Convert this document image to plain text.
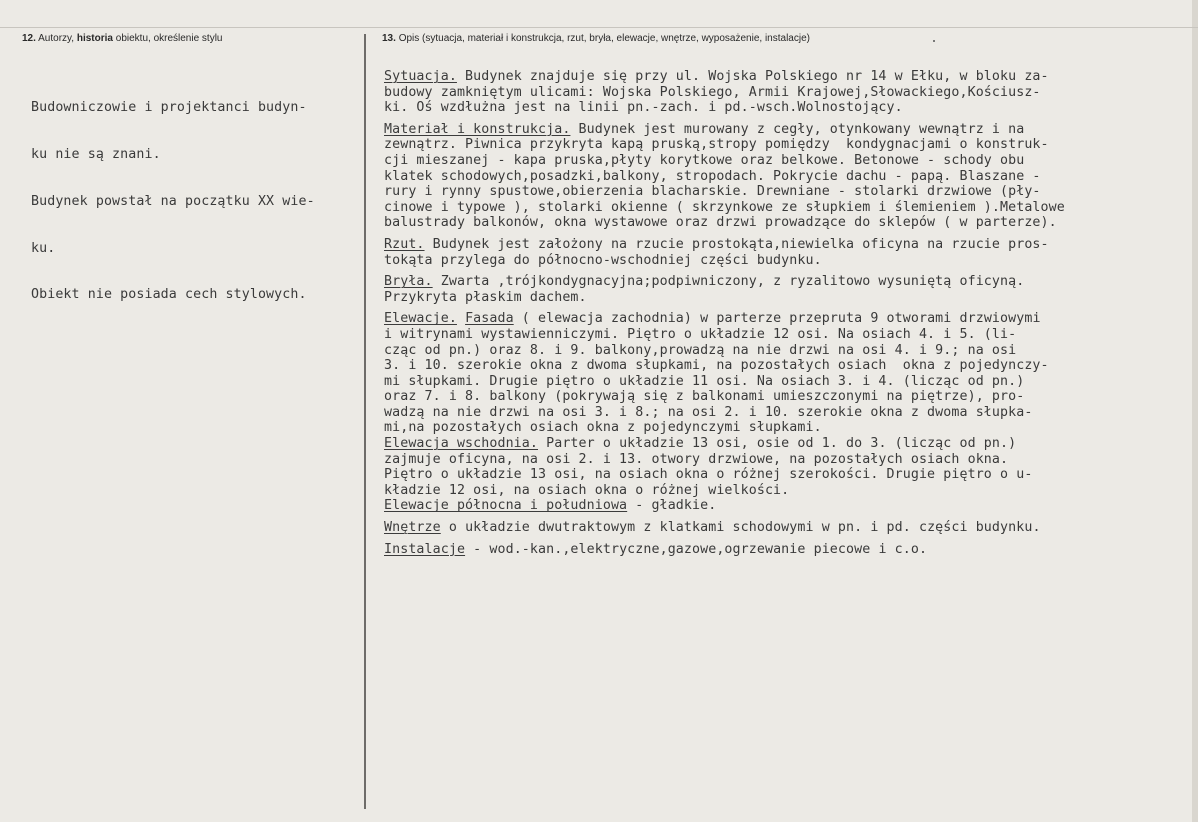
12. Autorzy, historia obiektu, określenie stylu	13. Opis (sytuacja, materiał i konstrukcja, rzut, bryła, elewacje, wnętrze, wyposażenie, instalacje)

Budowniczowie i projektanci budyn-

ku nie są znani.

Budynek powstał na początku XX wie-

ku.

Obiekt nie posiada cech stylowych.

Sytuacja. Budynek znajduje się przy ul. Wojska Polskiego nr 14 w Ełku, w bloku za-
budowy zamkniętym ulicami: Wojska Polskiego, Armii Krajowej,Słowackiego,Kościusz-
ki. Oś wzdłużna jest na linii pn.-zach. i pd.-wsch.Wolnostojący.
Materiał i konstrukcja. Budynek jest murowany z cegły, otynkowany wewnątrz i na
zewnątrz. Piwnica przykryta kapą pruską,stropy pomiędzy  kondygnacjami o konstruk-
cji mieszanej - kapa pruska,płyty korytkowe oraz belkowe. Betonowe - schody obu
klatek schodowych,posadzki,balkony, stropodach. Pokrycie dachu - papą. Blaszane -
rury i rynny spustowe,obierzenia blacharskie. Drewniane - stolarki drzwiowe (pły-
cinowe i typowe ), stolarki okienne ( skrzynkowe ze słupkiem i ślemieniem ).Metalowe
balustrady balkonów, okna wystawowe oraz drzwi prowadzące do sklepów ( w parterze).
Rzut. Budynek jest założony na rzucie prostokąta,niewielka oficyna na rzucie pros-
tokąta przylega do północno-wschodniej części budynku.
Bryła. Zwarta ,trójkondygnacyjna;podpiwniczony, z ryzalitowo wysuniętą oficyną.
Przykryta płaskim dachem.
Elewacje. Fasada ( elewacja zachodnia) w parterze przepruta 9 otworami drzwiowymi
i witrynami wystawienniczymi. Piętro o układzie 12 osi. Na osiach 4. i 5. (li-
cząc od pn.) oraz 8. i 9. balkony,prowadzą na nie drzwi na osi 4. i 9.; na osi
3. i 10. szerokie okna z dwoma słupkami, na pozostałych osiach  okna z pojedynczy-
mi słupkami. Drugie piętro o układzie 11 osi. Na osiach 3. i 4. (licząc od pn.)
oraz 7. i 8. balkony (pokrywają się z balkonami umieszczonymi na piętrze), pro-
wadzą na nie drzwi na osi 3. i 8.; na osi 2. i 10. szerokie okna z dwoma słupka-
mi,na pozostałych osiach okna z pojedynczymi słupkami.
Elewacja wschodnia. Parter o układzie 13 osi, osie od 1. do 3. (licząc od pn.)
zajmuje oficyna, na osi 2. i 13. otwory drzwiowe, na pozostałych osiach okna.
Piętro o układzie 13 osi, na osiach okna o różnej szerokości. Drugie piętro o u-
kładzie 12 osi, na osiach okna o różnej wielkości.
Elewacje północna i południowa - gładkie.
Wnętrze o układzie dwutraktowym z klatkami schodowymi w pn. i pd. części budynku.
Instalacje - wod.-kan.,elektryczne,gazowe,ogrzewanie piecowe i c.o.
